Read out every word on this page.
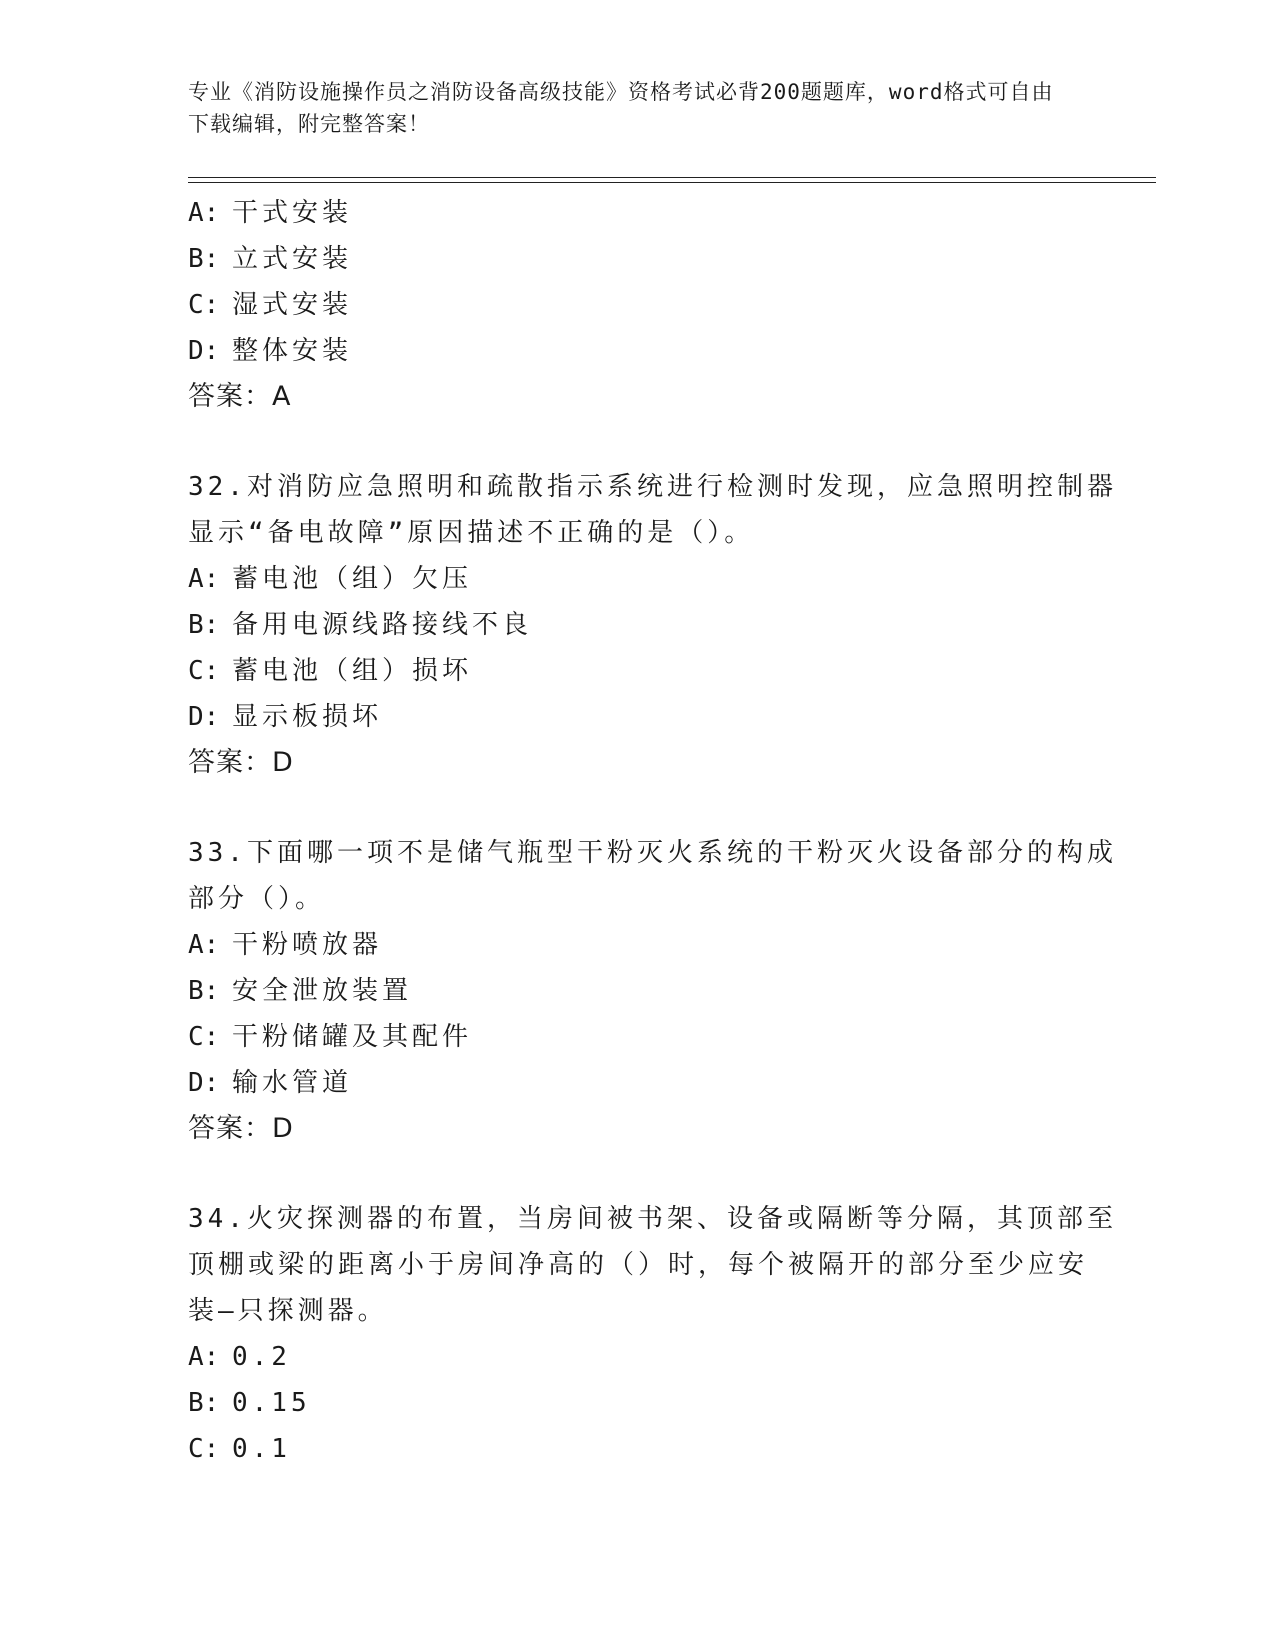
专业《消防设施操作员之消防设备高级技能》资格考试必背200题题库，word格式可自由下载编辑，附完整答案！
A: 干式安装
B: 立式安装
C: 湿式安装
D: 整体安装
答案：A
32.对消防应急照明和疏散指示系统进行检测时发现，应急照明控制器
显示“备电故障”原因描述不正确的是（）。
A: 蓄电池（组）欠压
B: 备用电源线路接线不良
C: 蓄电池（组）损坏
D: 显示板损坏
答案：D
33.下面哪一项不是储气瓶型干粉灭火系统的干粉灭火设备部分的构成
部分（）。
A: 干粉喷放器
B: 安全泄放装置
C: 干粉储罐及其配件
D: 输水管道
答案：D
34.火灾探测器的布置，当房间被书架、设备或隔断等分隔，其顶部至
顶棚或梁的距离小于房间净高的（）时，每个被隔开的部分至少应安
装—只探测器。
A: 0.2
B: 0.15
C: 0.1
